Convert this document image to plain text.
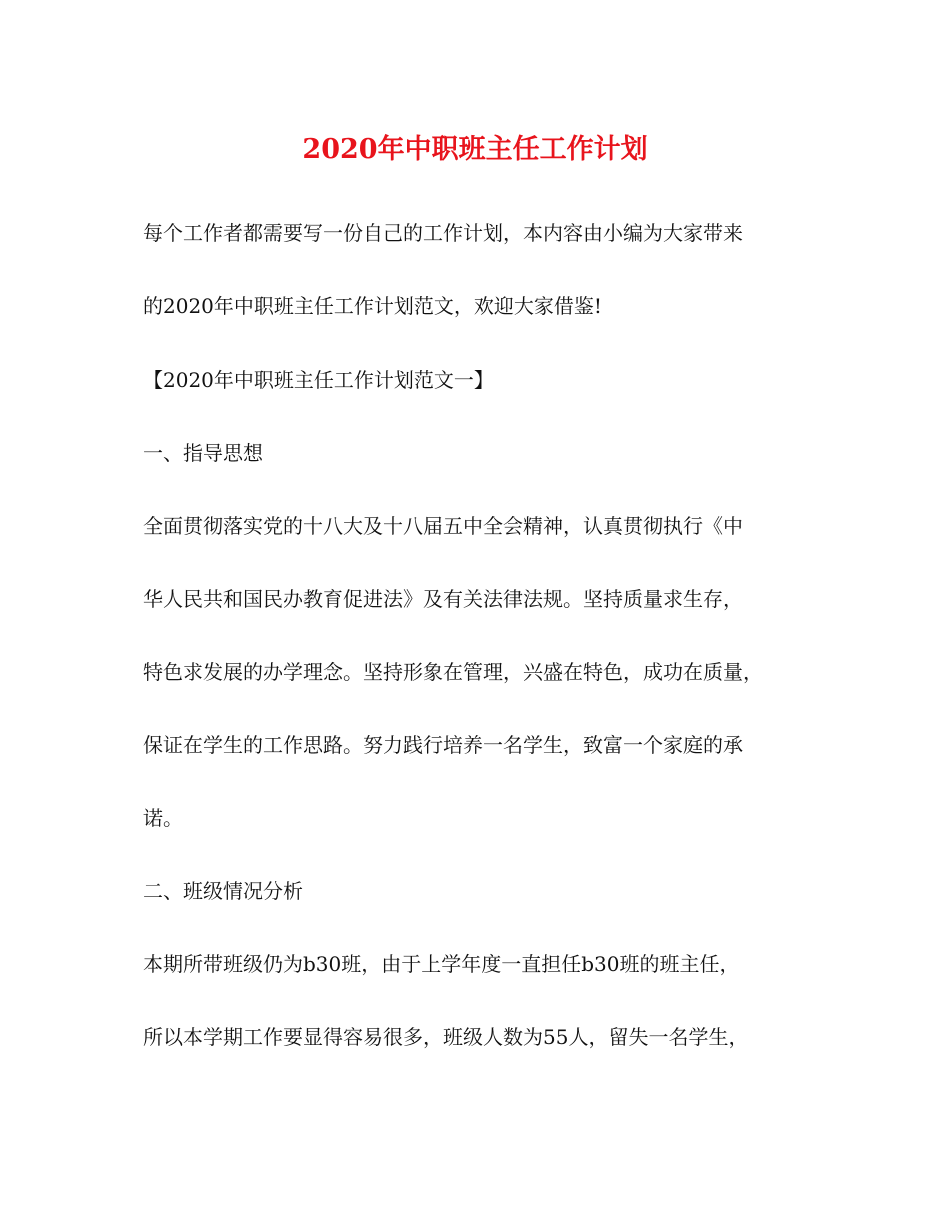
2020年中职班主任工作计划
每个工作者都需要写一份自己的工作计划，本内容由小编为大家带来
的2020年中职班主任工作计划范文，欢迎大家借鉴!
【2020年中职班主任工作计划范文一】
一、指导思想
全面贯彻落实党的十八大及十八届五中全会精神，认真贯彻执行《中
华人民共和国民办教育促进法》及有关法律法规。坚持质量求生存，
特色求发展的办学理念。坚持形象在管理，兴盛在特色，成功在质量，
保证在学生的工作思路。努力践行培养一名学生，致富一个家庭的承
诺。
二、班级情况分析
本期所带班级仍为b30班，由于上学年度一直担任b30班的班主任，
所以本学期工作要显得容易很多，班级人数为55人，留失一名学生，
